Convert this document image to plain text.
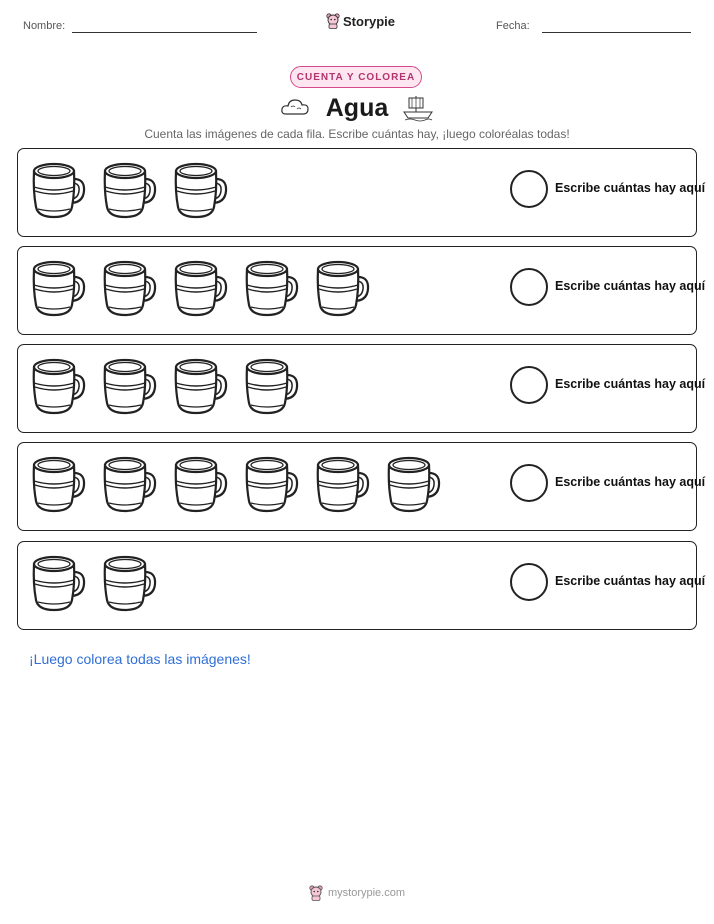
Nombre:	Storypie	Fecha:
CUENTA Y COLOREA
Agua
Cuenta las imágenes de cada fila. Escribe cuántas hay, ¡luego coloréalas todas!
Escribe cuántas hay aquí
Escribe cuántas hay aquí
Escribe cuántas hay aquí
Escribe cuántas hay aquí
Escribe cuántas hay aquí
¡Luego colorea todas las imágenes!
mystorypie.com
